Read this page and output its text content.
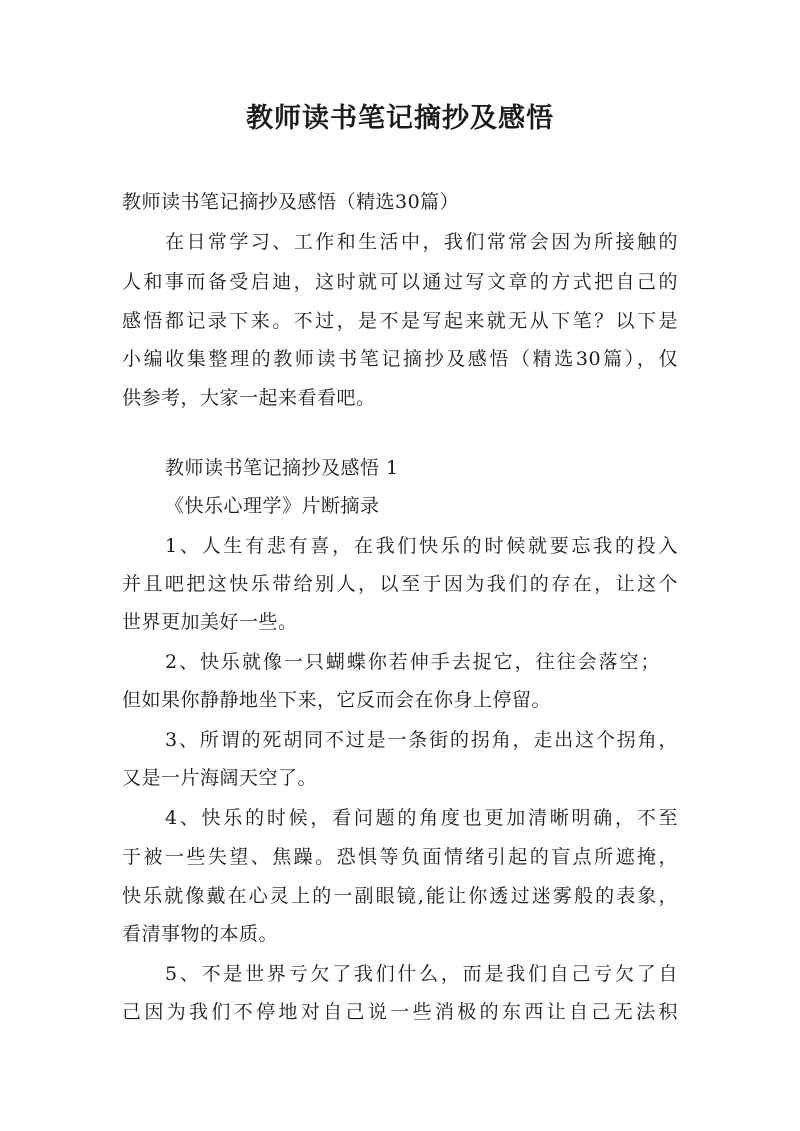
教师读书笔记摘抄及感悟
教师读书笔记摘抄及感悟（精选30篇）
在日常学习、工作和生活中，我们常常会因为所接触的
人和事而备受启迪，这时就可以通过写文章的方式把自己的
感悟都记录下来。不过，是不是写起来就无从下笔？以下是
小编收集整理的教师读书笔记摘抄及感悟（精选30篇），仅
供参考，大家一起来看看吧。
教师读书笔记摘抄及感悟 1
《快乐心理学》片断摘录
1、人生有悲有喜，在我们快乐的时候就要忘我的投入
并且吧把这快乐带给别人，以至于因为我们的存在，让这个
世界更加美好一些。
2、快乐就像一只蝴蝶你若伸手去捉它，往往会落空；
但如果你静静地坐下来，它反而会在你身上停留。
3、所谓的死胡同不过是一条街的拐角，走出这个拐角，
又是一片海阔天空了。
4、快乐的时候，看问题的角度也更加清晰明确，不至
于被一些失望、焦躁。恐惧等负面情绪引起的盲点所遮掩，
快乐就像戴在心灵上的一副眼镜,能让你透过迷雾般的表象，
看清事物的本质。
5、不是世界亏欠了我们什么，而是我们自己亏欠了自
己因为我们不停地对自己说一些消极的东西让自己无法积
